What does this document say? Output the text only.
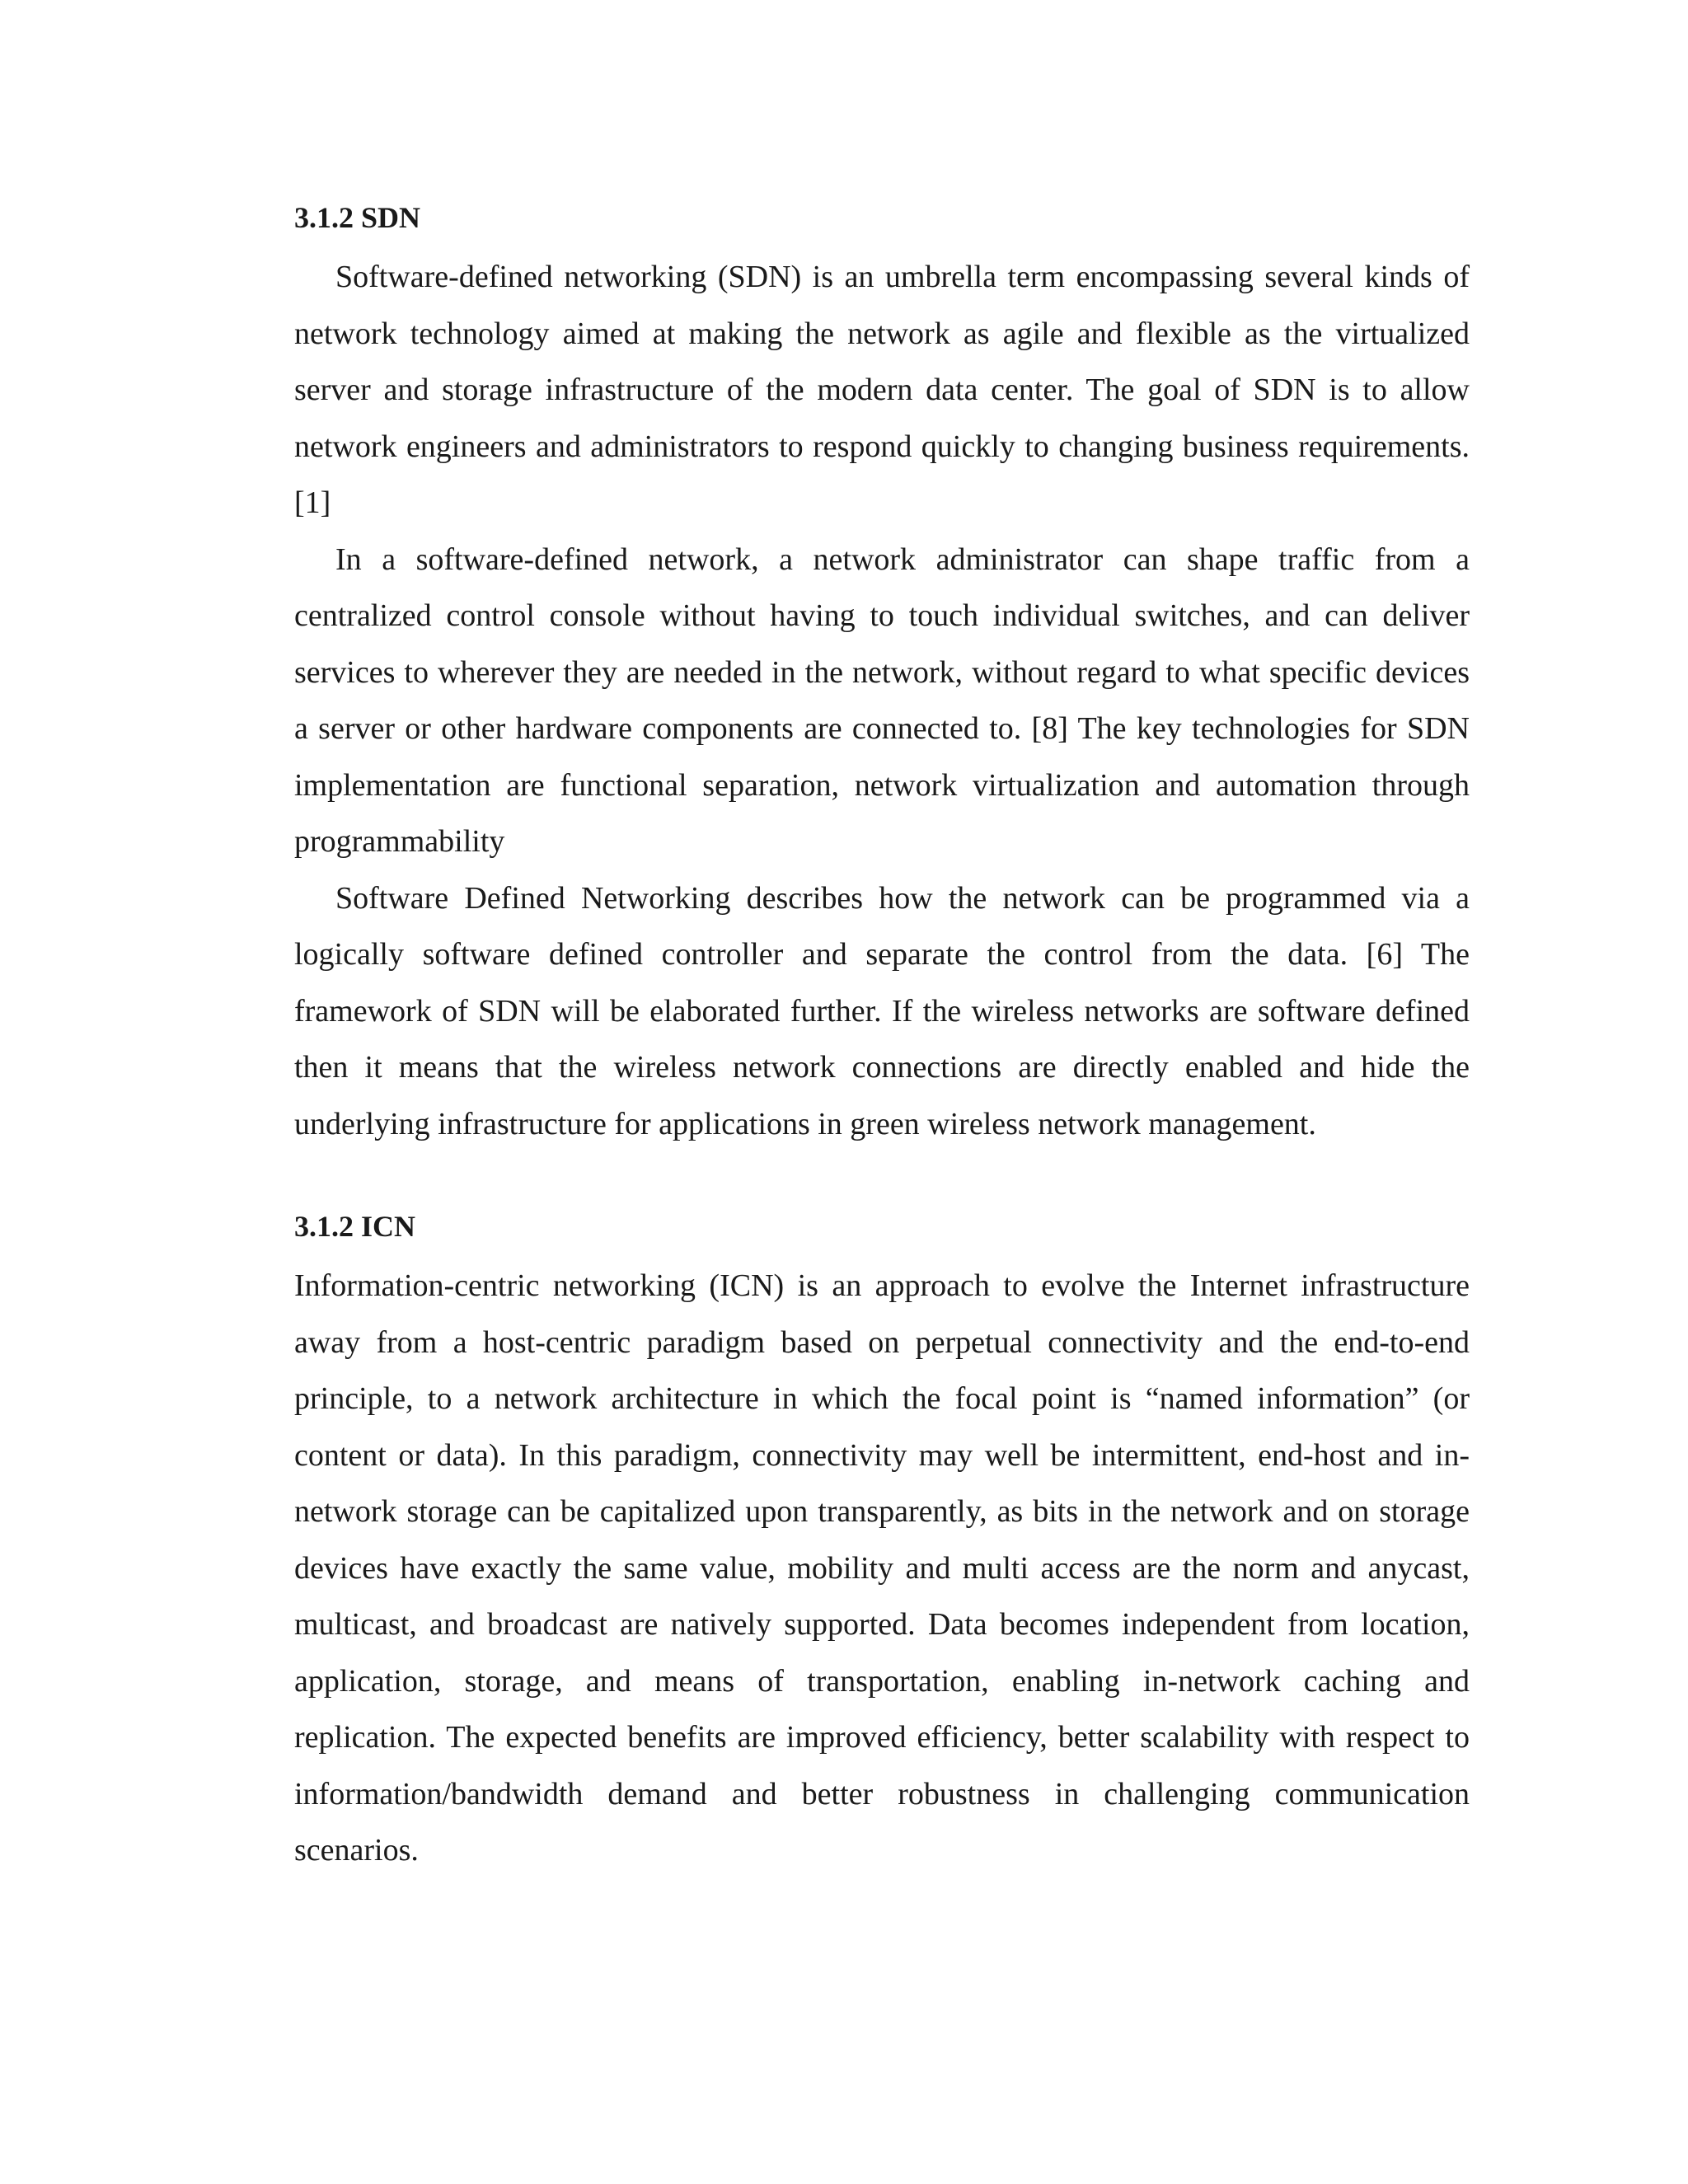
3.1.2 SDN

Software-defined networking (SDN) is an umbrella term encompassing several kinds of network technology aimed at making the network as agile and flexible as the virtualized server and storage infrastructure of the modern data center. The goal of SDN is to allow network engineers and administrators to respond quickly to changing business requirements. [1]

In a software-defined network, a network administrator can shape traffic from a centralized control console without having to touch individual switches, and can deliver services to wherever they are needed in the network, without regard to what specific devices a server or other hardware components are connected to. [8] The key technologies for SDN implementation are functional separation, network virtualization and automation through programmability

Software Defined Networking describes how the network can be programmed via a logically software defined controller and separate the control from the data. [6] The framework of SDN will be elaborated further. If the wireless networks are software defined then it means that the wireless network connections are directly enabled and hide the underlying infrastructure for applications in green wireless network management.

3.1.2 ICN

Information-centric networking (ICN) is an approach to evolve the Internet infrastructure away from a host-centric paradigm based on perpetual connectivity and the end-to-end principle, to a network architecture in which the focal point is “named information” (or content or data). In this paradigm, connectivity may well be intermittent, end-host and in-network storage can be capitalized upon transparently, as bits in the network and on storage devices have exactly the same value, mobility and multi access are the norm and anycast, multicast, and broadcast are natively supported. Data becomes independent from location, application, storage, and means of transportation, enabling in-network caching and replication. The expected benefits are improved efficiency, better scalability with respect to information/bandwidth demand and better robustness in challenging communication scenarios.
